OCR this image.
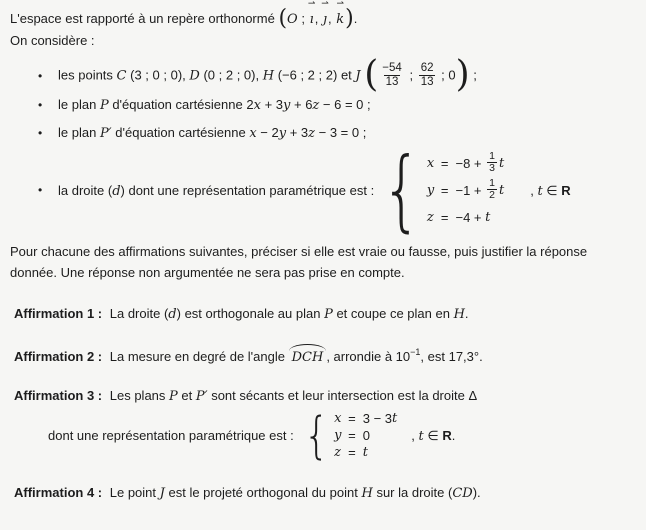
L'espace est rapporté à un repère orthonormé (O ;
⇀
ı,
⇀
ȷ,
⇀
k).
On considère :
•	les points C (3 ; 0 ; 0), D (0 ; 2 ; 0), H (−6 ; 2 ; 2) et J ( $\frac{-54}{13}$ ; $\frac{62}{13}$ ; 0) ;
•	le plan P d'équation cartésienne 2x + 3y + 6z − 6 = 0 ;
•	le plan P′ d'équation cartésienne x − 2y + 3z − 3 = 0 ;
•	la droite (d) dont une représentation paramétrique est : { $x = -8 + \frac{1}{3}$ t
$y = -1 + \frac{1}{2}$ t
z = −4 + t
, t ∈ R
Pour chacune des affirmations suivantes, préciser si elle est vraie ou fausse, puis justifier la réponse
donnée. Une réponse non argumentée ne sera pas prise en compte.
Affirmation 1 : La droite (d) est orthogonale au plan P et coupe ce plan en H.
Affirmation 2 : La mesure en degré de l'angle DCH , arrondie à $10^{-1}$, est 17,3°.
Affirmation 3 : Les plans P et P′ sont sécants et leur intersection est la droite Δ
dont une représentation paramétrique est : { x = 3 − 3 t
y = 0
z = t
, t ∈ R.
Affirmation 4 : Le point J est le projeté orthogonal du point H sur la droite (CD).
